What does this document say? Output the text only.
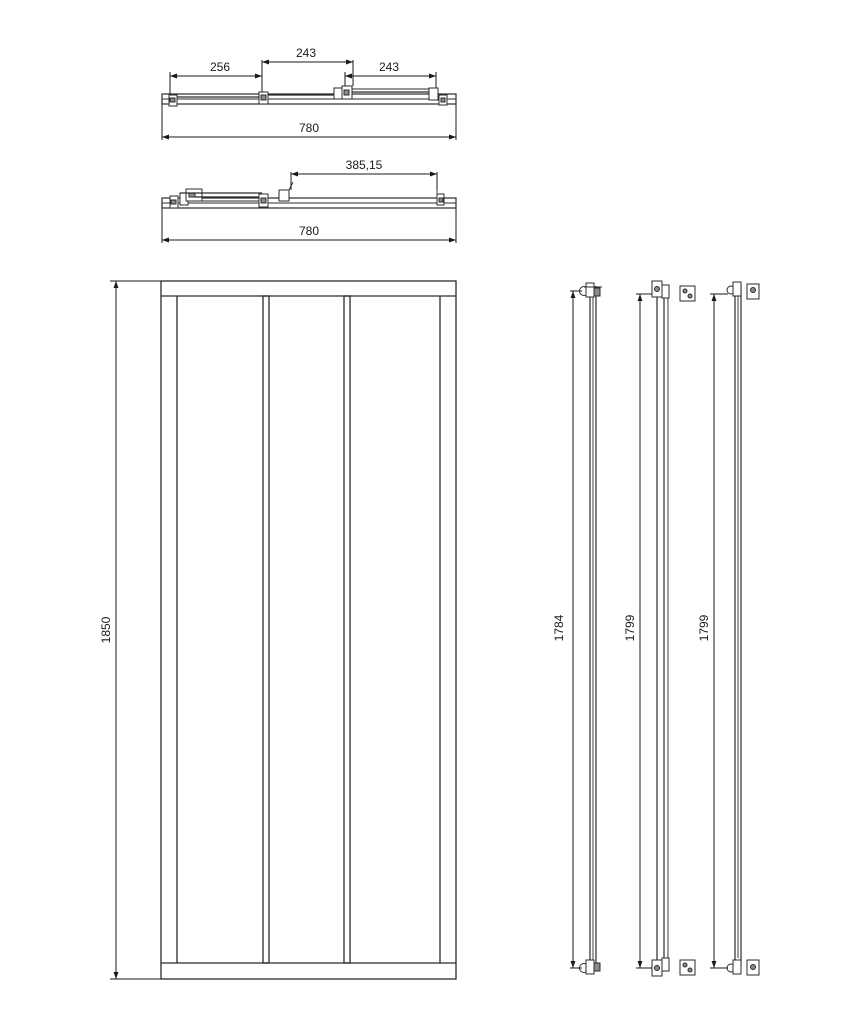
256
243
243
780
385,15
780
1850	1784	1799	1799
